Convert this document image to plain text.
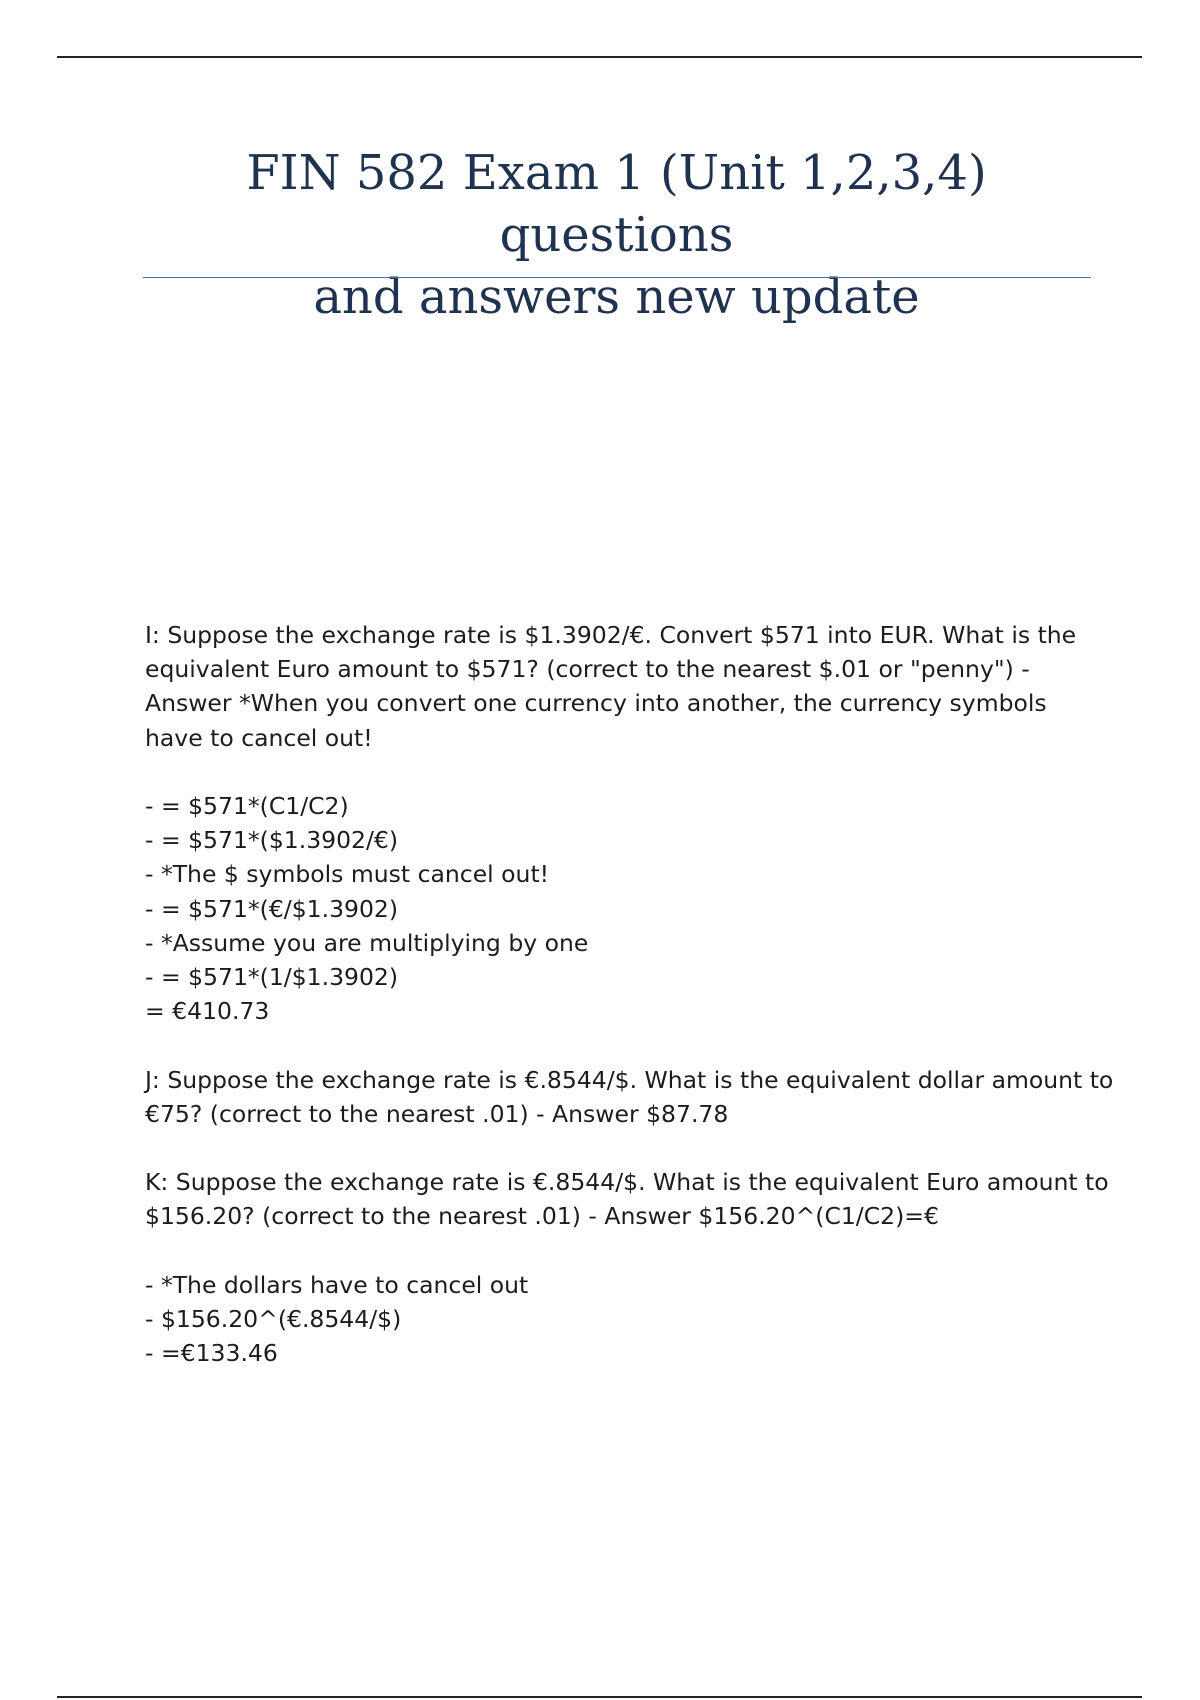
FIN 582 Exam 1 (Unit 1,2,3,4) questions
and answers new update
I: Suppose the exchange rate is $1.3902/€. Convert $571 into EUR. What is the
equivalent Euro amount to $571? (correct to the nearest $.01 or "penny") -
Answer *When you convert one currency into another, the currency symbols
have to cancel out!
- = $571*(C1/C2)
- = $571*($1.3902/€)
- *The $ symbols must cancel out!
- = $571*(€/$1.3902)
- *Assume you are multiplying by one
- = $571*(1/$1.3902)
= €410.73
J: Suppose the exchange rate is €.8544/$. What is the equivalent dollar amount to
€75? (correct to the nearest .01) - Answer $87.78
K: Suppose the exchange rate is €.8544/$. What is the equivalent Euro amount to
$156.20? (correct to the nearest .01) - Answer $156.20^(C1/C2)=€
- *The dollars have to cancel out
- $156.20^(€.8544/$)
- =€133.46
